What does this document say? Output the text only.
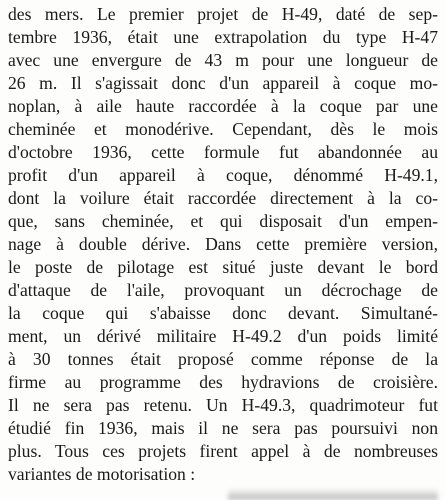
des mers. Le premier projet de H-49, daté de sep-
tembre 1936, était une extrapolation du type H-47
avec une envergure de 43 m pour une longueur de
26 m. Il s'agissait donc d'un appareil à coque mo-
noplan, à aile haute raccordée à la coque par une
cheminée et monodérive. Cependant, dès le mois
d'octobre 1936, cette formule fut abandonnée au
profit d'un appareil à coque, dénommé H-49.1,
dont la voilure était raccordée directement à la co-
que, sans cheminée, et qui disposait d'un empen-
nage à double dérive. Dans cette première version,
le poste de pilotage est situé juste devant le bord
d'attaque de l'aile, provoquant un décrochage de
la coque qui s'abaisse donc devant. Simultané-
ment, un dérivé militaire H-49.2 d'un poids limité
à 30 tonnes était proposé comme réponse de la
firme au programme des hydravions de croisière.
Il ne sera pas retenu. Un H-49.3, quadrimoteur fut
étudié fin 1936, mais il ne sera pas poursuivi non
plus. Tous ces projets firent appel à de nombreuses
variantes de motorisation :
